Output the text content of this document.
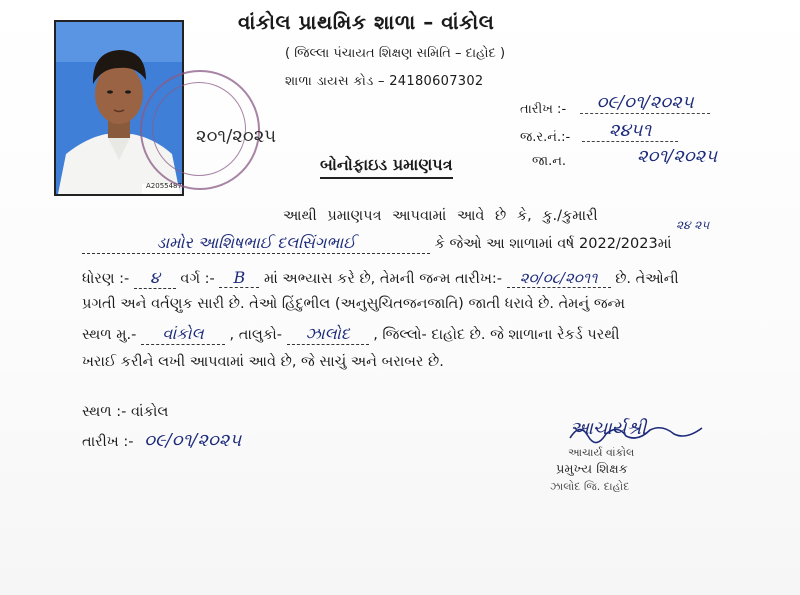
A2055487
૨૦૧/૨૦૨૫
વાંકોલ પ્રાથમિક શાળા – વાંકોલ
( જિલ્લા પંચાયત શિક્ષણ સમિતિ – દાહોદ )
શાળા ડાયસ કોડ – 24180607302
તારીખ :-	૦૯/૦૧/૨૦૨૫
જ.ર.નં.:-	૨૪૫૧
જા.ન.	૨૦૧/૨૦૨૫
બોનોફાઇડ પ્રમાણપત્ર
આથી પ્રમાણપત્ર આપવામાં આવે છે કે, કુ./કુમારી
ડામોર આશિષભાઈ દલસિંગભાઈ	કે જેઓ આ શાળામાં વર્ષ 2022/2023માં
૨૪ ૨૫
ધોરણ :- ૪ વર્ગ :- B માં અભ્યાસ કરે છે, તેમની જન્મ તારીખ:- ૨૦/૦૮/૨૦૧૧ છે. તેઓની
પ્રગતી અને વર્તણુક સારી છે. તેઓ હિંદુભીલ (અનુસુચિતજનજાતિ) જાતી ધરાવે છે. તેમનું જન્મ
સ્થળ મુ.- વાંકોલ , તાલુકો- ઝાલોદ , જિલ્લો- દાહોદ છે. જે શાળાના રેકર્ડ પરથી
ખરાઈ કરીને લખી આપવામાં આવે છે, જે સાચું અને બરાબર છે.
સ્થળ :- વાંકોલ
તારીખ :- ૦૯/૦૧/૨૦૨૫
આચાર્યશ્રી
આચાર્ય વાંકોલ
પ્રમુખ્ય શિક્ષક
ઝાલોદ જિ. દાહોદ
